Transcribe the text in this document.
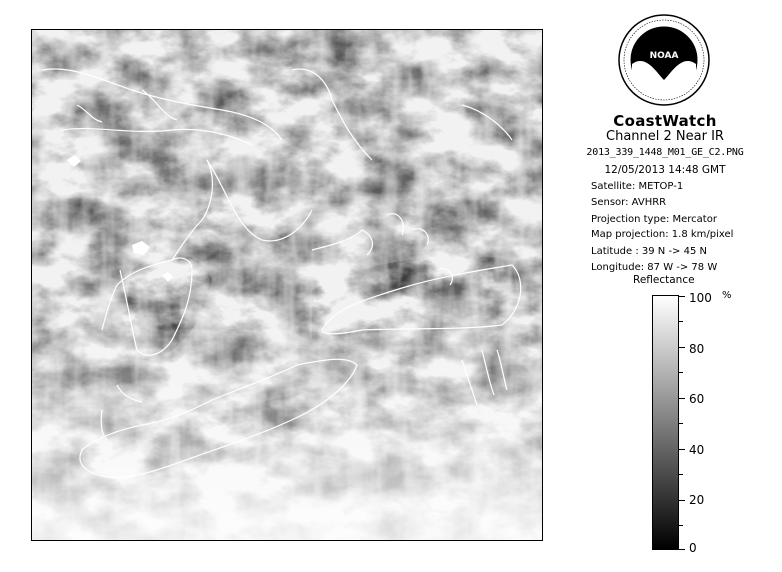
NOAA
CoastWatch
Channel 2 Near IR
2013_339_1448_M01_GE_C2.PNG
12/05/2013 14:48 GMT
Satellite: METOP-1
Sensor: AVHRR
Projection type: Mercator
Map projection: 1.8 km/pixel
Latitude : 39 N -> 45 N
Longitude: 87 W -> 78 W
Reflectance
%
100
80
60
40
20
0
